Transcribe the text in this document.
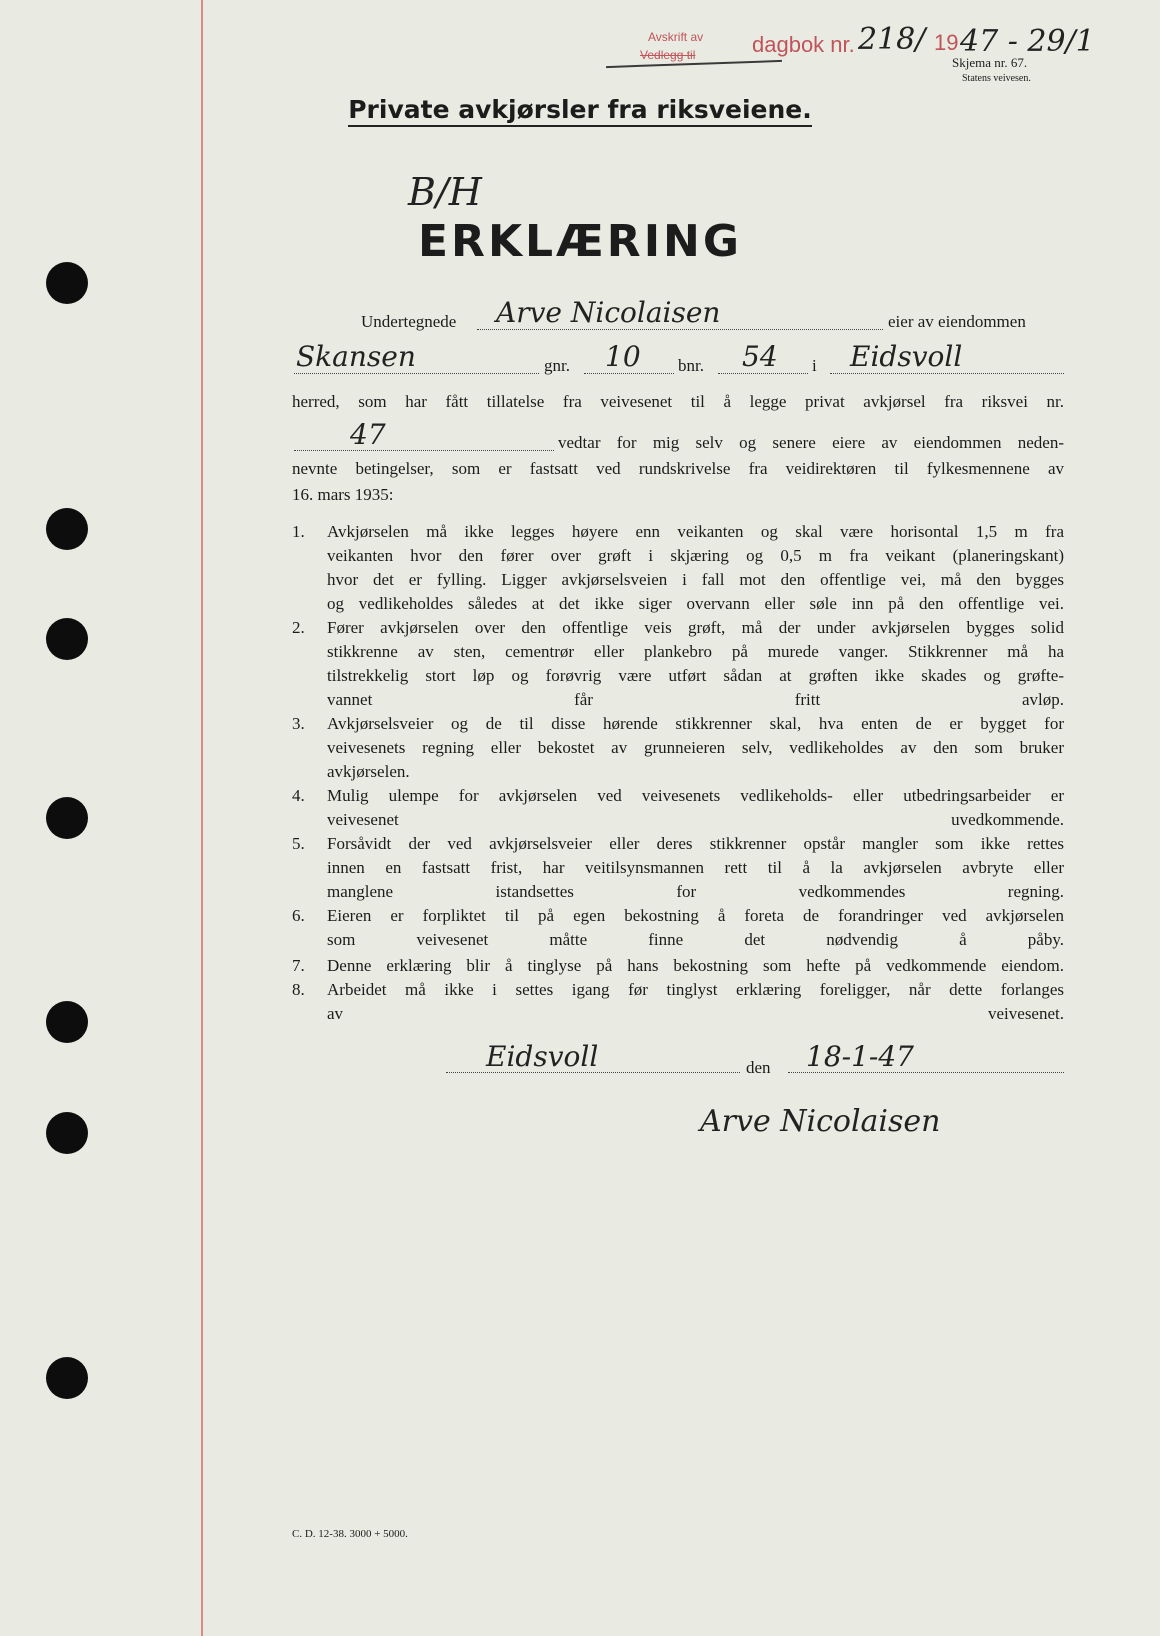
Avskrift av
Vedlegg til	dagbok nr. 218/ 19 47 - 29/1
Skjema nr. 67.
Statens veivesen.
Private avkjørsler fra riksveiene.
B/H
ERKLÆRING
Undertegnede Arve Nicolaisen	eier av eiendommen
Skansen	gnr. 10 bnr. 54 i Eidsvoll
herred, som har fått tillatelse fra veivesenet til å legge privat avkjørsel fra riksvei nr.
47	vedtar for mig selv og senere eiere av eiendommen neden-
nevnte betingelser, som er fastsatt ved rundskrivelse fra veidirektøren til fylkesmennene av
16. mars 1935:
1. Avkjørselen må ikke legges høyere enn veikanten og skal være horisontal 1,5 m fra
veikanten hvor den fører over grøft i skjæring og 0,5 m fra veikant (planeringskant)
hvor det er fylling. Ligger avkjørselsveien i fall mot den offentlige vei, må den bygges
og vedlikeholdes således at det ikke siger overvann eller søle inn på den offentlige vei.
2. Fører avkjørselen over den offentlige veis grøft, må der under avkjørselen bygges solid
stikkrenne av sten, cementrør eller plankebro på murede vanger. Stikkrenner må ha
tilstrekkelig stort løp og forøvrig være utført sådan at grøften ikke skades og grøfte-
vannet får fritt avløp.
3. Avkjørselsveier og de til disse hørende stikkrenner skal, hva enten de er bygget for
veivesenets regning eller bekostet av grunneieren selv, vedlikeholdes av den som bruker
avkjørselen.
4. Mulig ulempe for avkjørselen ved veivesenets vedlikeholds- eller utbedringsarbeider er
veivesenet uvedkommende.
5. Forsåvidt der ved avkjørselsveier eller deres stikkrenner opstår mangler som ikke rettes
innen en fastsatt frist, har veitilsynsmannen rett til å la avkjørselen avbryte eller
manglene istandsettes for vedkommendes regning.
6. Eieren er forpliktet til på egen bekostning å foreta de forandringer ved avkjørselen
som veivesenet måtte finne det nødvendig å påby.
7. Denne erklæring blir å tinglyse på hans bekostning som hefte på vedkommende eiendom.
8. Arbeidet må ikke i settes igang før tinglyst erklæring foreligger, når dette forlanges
av veivesenet.
Eidsvoll	den 18-1-47
Arve Nicolaisen
C. D. 12-38. 3000 + 5000.
